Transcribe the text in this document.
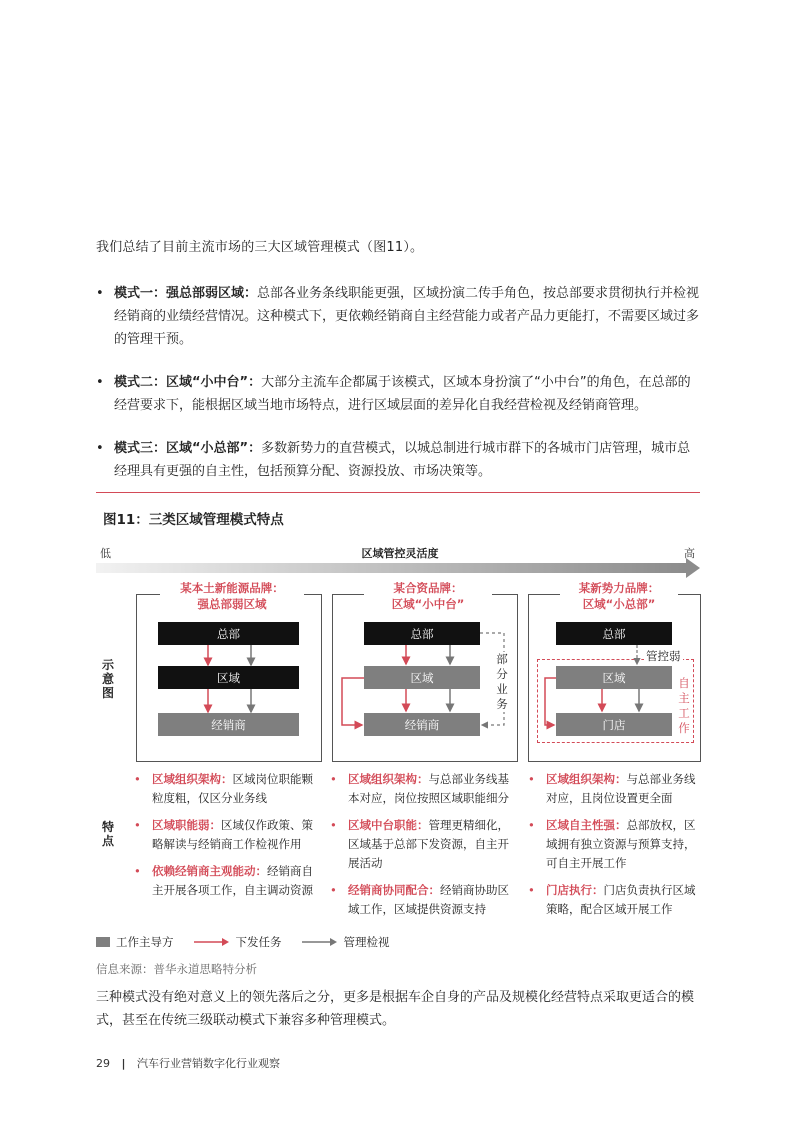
我们总结了目前主流市场的三大区域管理模式（图11）。
• 模式一：强总部弱区域：总部各业务条线职能更强，区域扮演二传手角色，按总部要求贯彻执行并检视经销商的业绩经营情况。这种模式下，更依赖经销商自主经营能力或者产品力更能打，不需要区域过多的管理干预。
• 模式二：区域“小中台”：大部分主流车企都属于该模式，区域本身扮演了“小中台”的角色，在总部的经营要求下，能根据区域当地市场特点，进行区域层面的差异化自我经营检视及经销商管理。
• 模式三：区域“小总部”：多数新势力的直营模式，以城总制进行城市群下的各城市门店管理，城市总经理具有更强的自主性，包括预算分配、资源投放、市场决策等。
图11：三类区域管理模式特点
低	区域管控灵活度	高
示意图
特点
某本土新能源品牌：
强总部弱区域
总部
区域
经销商
某合资品牌：
区域“小中台”
总部
区域
经销商
部分业务
某新势力品牌：
区域“小总部”
总部
区域
门店
管控弱
自主工作
• 区域组织架构：区域岗位职能颗粒度粗，仅区分业务线
• 区域职能弱：区域仅作政策、策略解读与经销商工作检视作用
• 依赖经销商主观能动：经销商自主开展各项工作，自主调动资源
• 区域组织架构：与总部业务线基本对应，岗位按照区域职能细分
• 区域中台职能：管理更精细化，区域基于总部下发资源，自主开展活动
• 经销商协同配合：经销商协助区域工作，区域提供资源支持
• 区域组织架构：与总部业务线对应，且岗位设置更全面
• 区域自主性强：总部放权，区域拥有独立资源与预算支持，可自主开展工作
• 门店执行：门店负责执行区域策略，配合区域开展工作
工作主导方	下发任务	管理检视
信息来源：普华永道思略特分析
三种模式没有绝对意义上的领先落后之分，更多是根据车企自身的产品及规模化经营特点采取更适合的模式，甚至在传统三级联动模式下兼容多种管理模式。
29 | 汽车行业营销数字化行业观察
